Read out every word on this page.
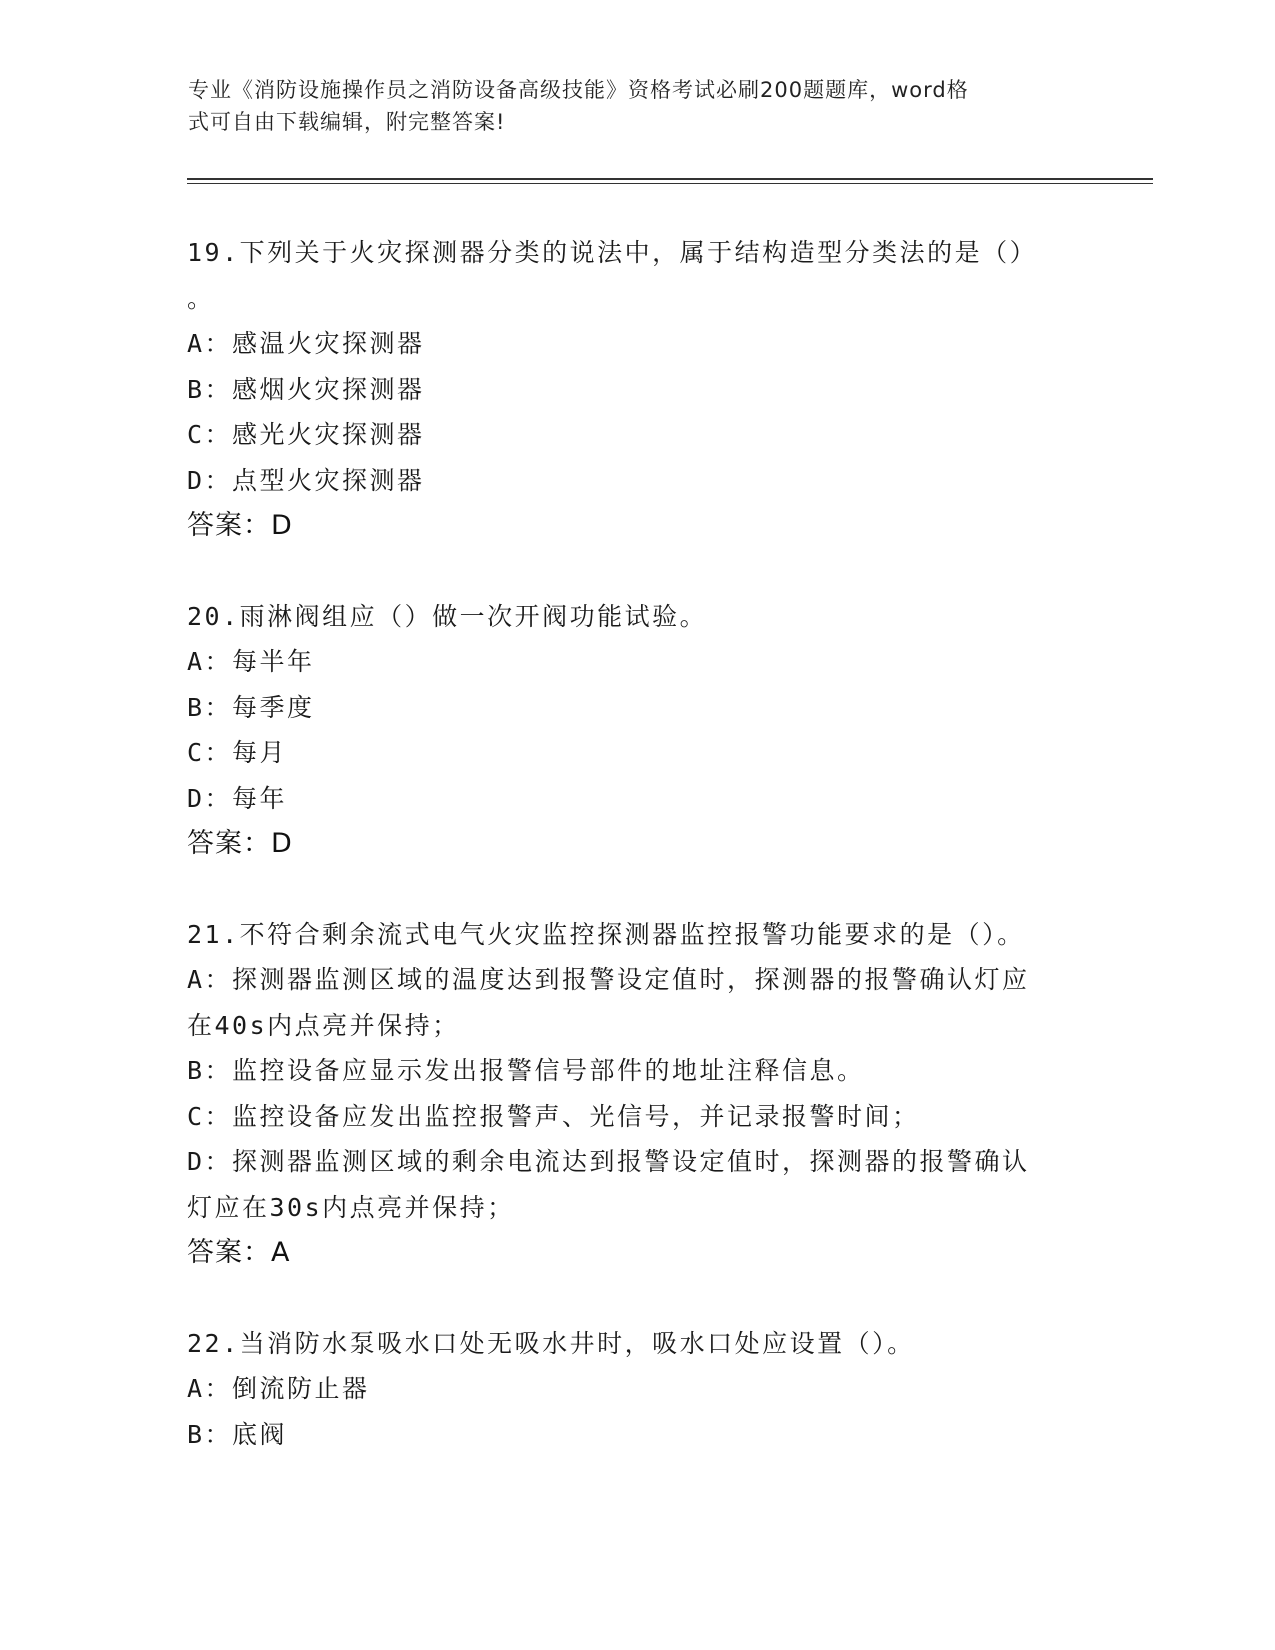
专业《消防设施操作员之消防设备高级技能》资格考试必刷200题题库，word格
式可自由下载编辑，附完整答案!
19.下列关于火灾探测器分类的说法中，属于结构造型分类法的是（）
。
A：感温火灾探测器
B：感烟火灾探测器
C：感光火灾探测器
D：点型火灾探测器
答案：D
20.雨淋阀组应（）做一次开阀功能试验。
A：每半年
B：每季度
C：每月
D：每年
答案：D
21.不符合剩余流式电气火灾监控探测器监控报警功能要求的是（）。
A：探测器监测区域的温度达到报警设定值时，探测器的报警确认灯应
在40s内点亮并保持；
B：监控设备应显示发出报警信号部件的地址注释信息。
C：监控设备应发出监控报警声、光信号，并记录报警时间；
D：探测器监测区域的剩余电流达到报警设定值时，探测器的报警确认
灯应在30s内点亮并保持；
答案：A
22.当消防水泵吸水口处无吸水井时，吸水口处应设置（）。
A：倒流防止器
B：底阀
